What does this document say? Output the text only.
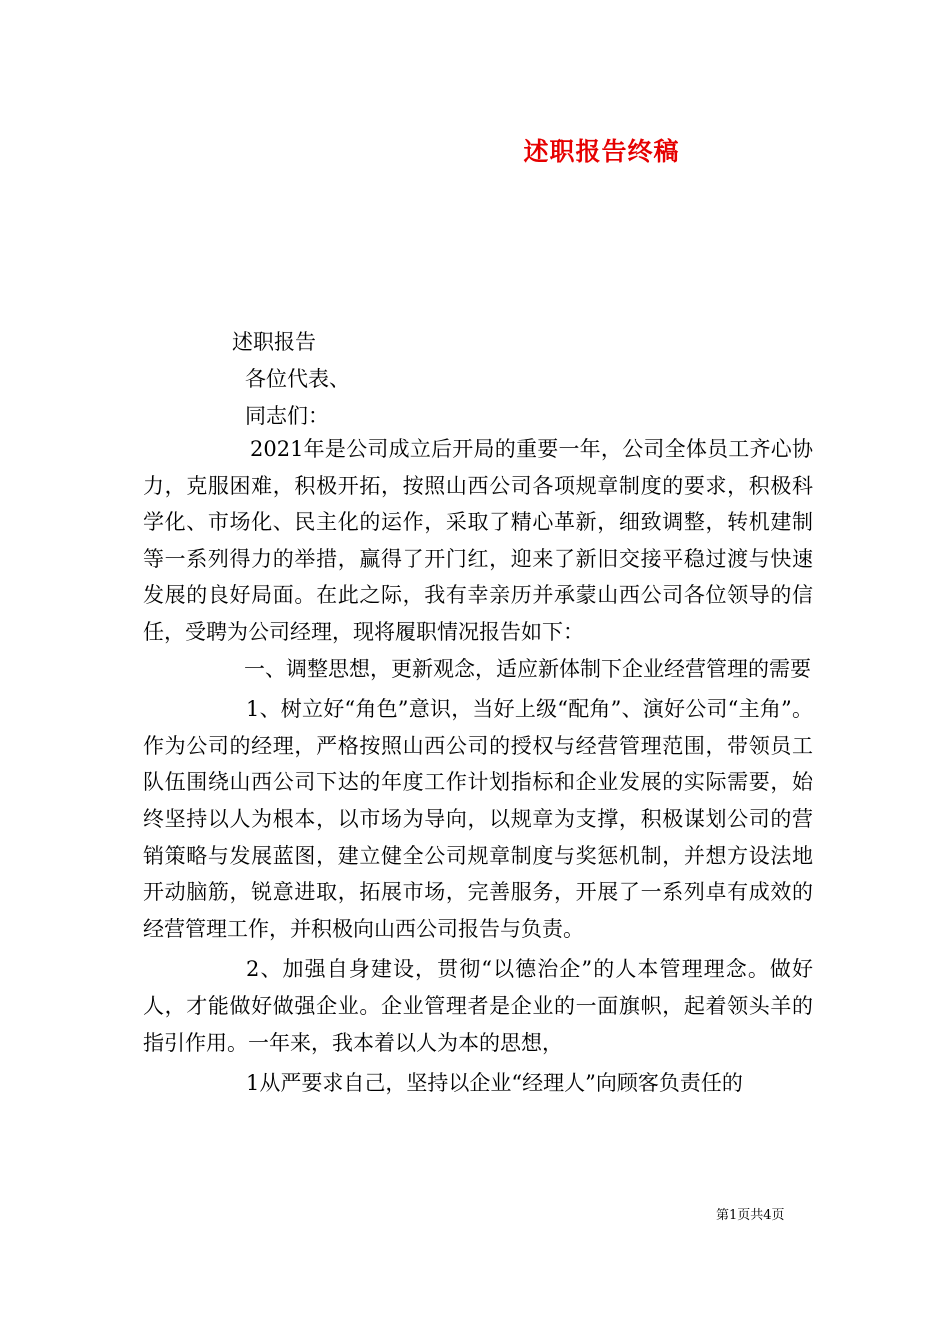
述职报告终稿
述职报告
各位代表、
同志们：

2021年是公司成立后开局的重要一年，公司全体员工齐心协力，克服困难，积极开拓，按照山西公司各项规章制度的要求，积极科学化、市场化、民主化的运作，采取了精心革新，细致调整，转机建制等一系列得力的举措，赢得了开门红，迎来了新旧交接平稳过渡与快速发展的良好局面。在此之际，我有幸亲历并承蒙山西公司各位领导的信任，受聘为公司经理，现将履职情况报告如下：

一、调整思想，更新观念，适应新体制下企业经营管理的需要

1、树立好“角色”意识，当好上级“配角”、演好公司“主角”。作为公司的经理，严格按照山西公司的授权与经营管理范围，带领员工队伍围绕山西公司下达的年度工作计划指标和企业发展的实际需要，始终坚持以人为根本，以市场为导向，以规章为支撑，积极谋划公司的营销策略与发展蓝图，建立健全公司规章制度与奖惩机制，并想方设法地开动脑筋，锐意进取，拓展市场，完善服务，开展了一系列卓有成效的经营管理工作，并积极向山西公司报告与负责。

2、加强自身建设，贯彻“以德治企”的人本管理理念。做好人，才能做好做强企业。企业管理者是企业的一面旗帜，起着领头羊的指引作用。一年来，我本着以人为本的思想，

1从严要求自己，坚持以企业“经理人”向顾客负责任的

第1页共4页
